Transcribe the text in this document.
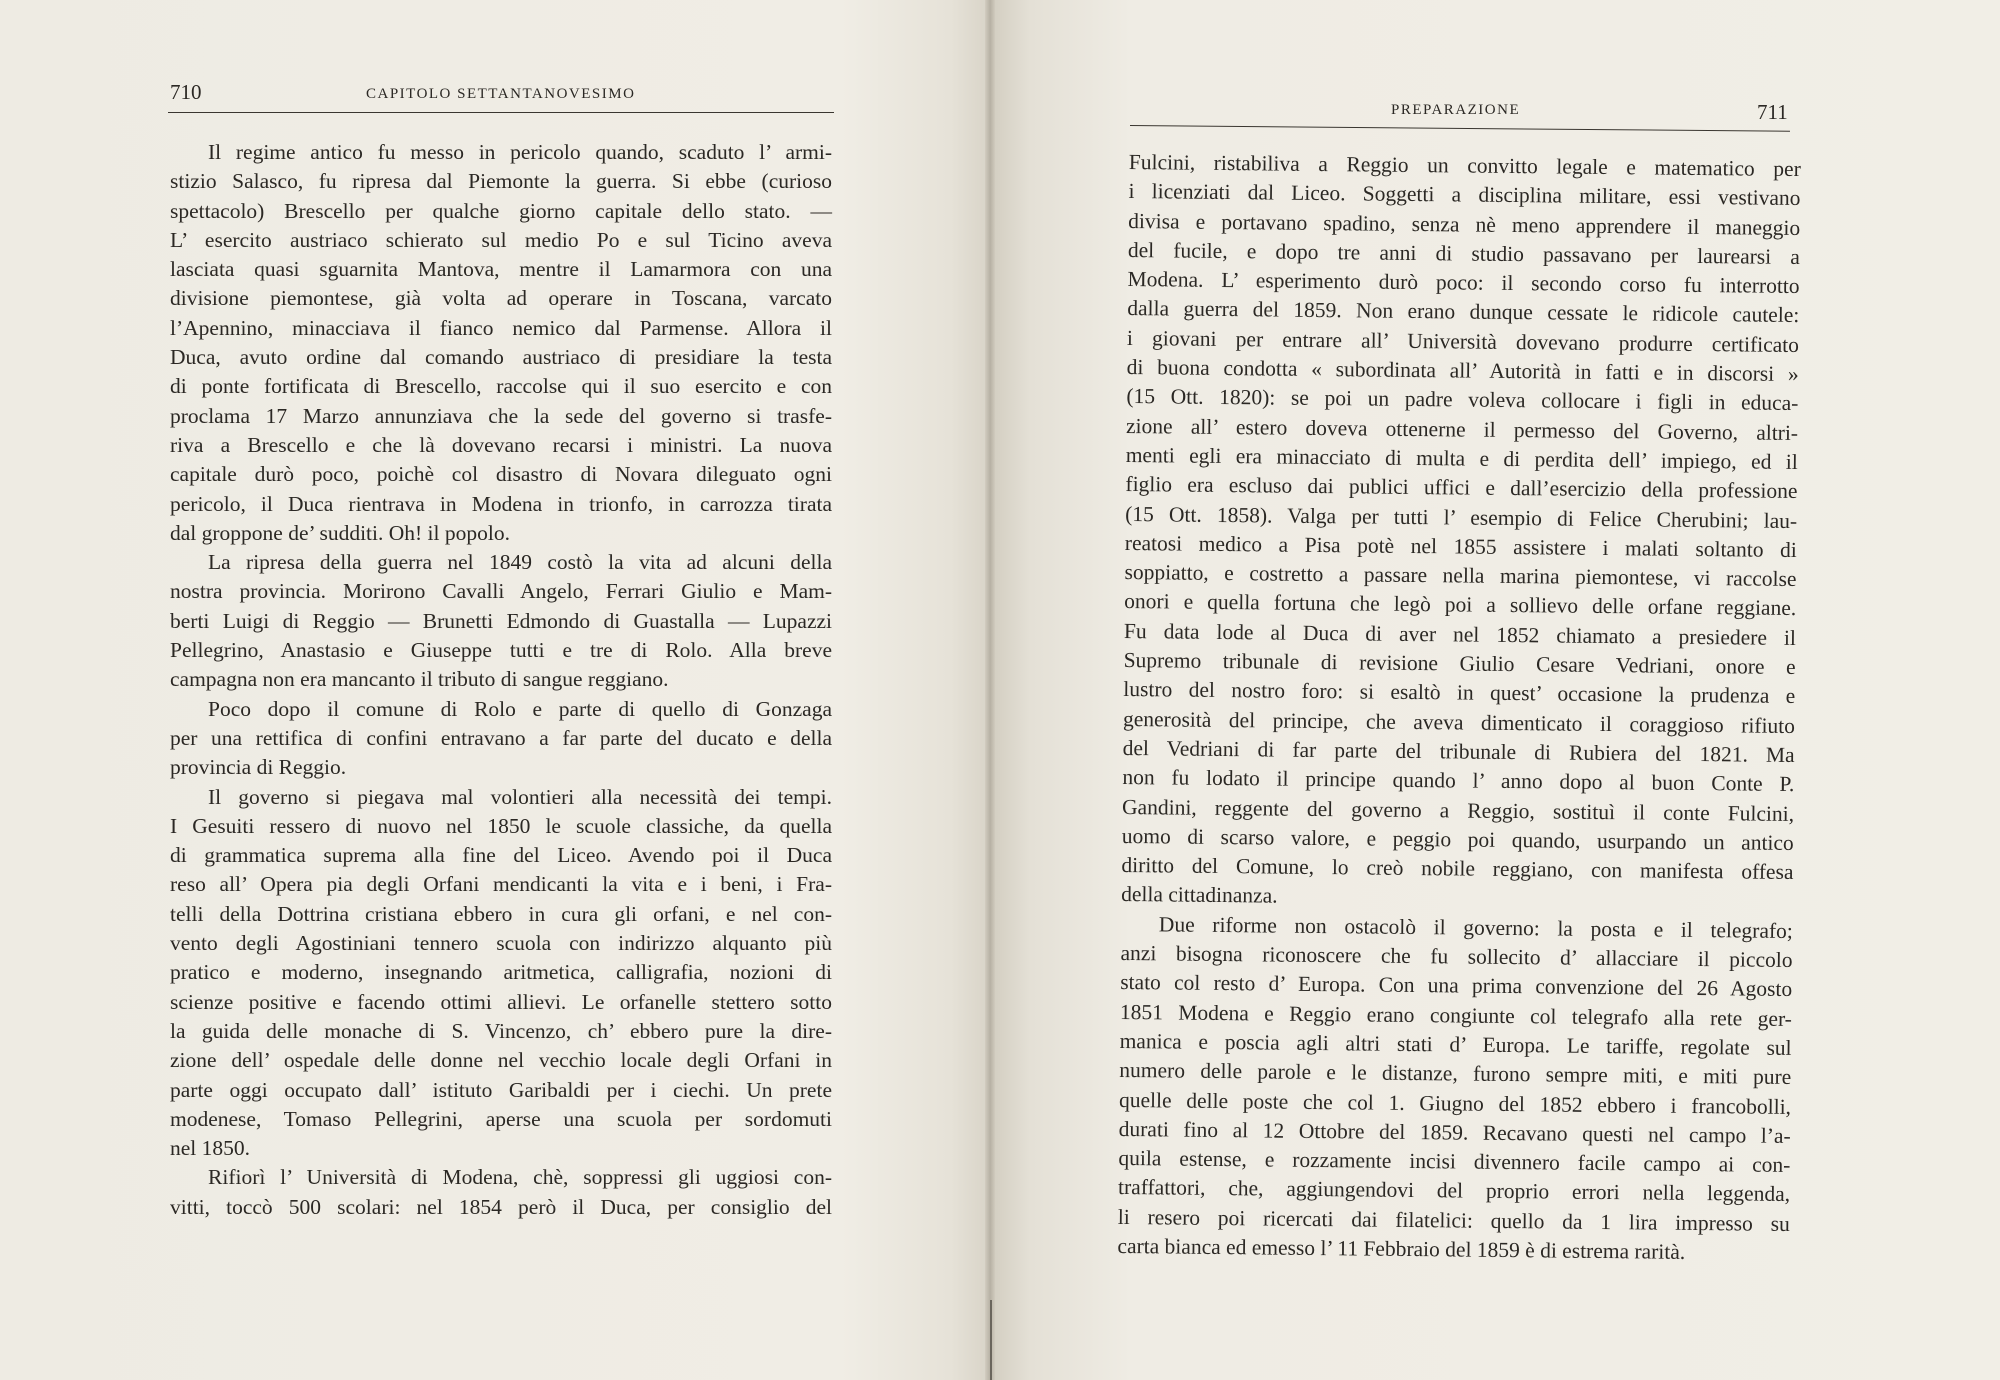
710	CAPITOLO SETTANTANOVESIMO

Il regime antico fu messo in pericolo quando, scaduto l’ armi-

stizio Salasco, fu ripresa dal Piemonte la guerra. Si ebbe (curioso

spettacolo) Brescello per qualche giorno capitale dello stato. —

L’ esercito austriaco schierato sul medio Po e sul Ticino aveva

lasciata quasi sguarnita Mantova, mentre il Lamarmora con una

divisione piemontese, già volta ad operare in Toscana, varcato

l’Apennino, minacciava il fianco nemico dal Parmense. Allora il

Duca, avuto ordine dal comando austriaco di presidiare la testa

di ponte fortificata di Brescello, raccolse qui il suo esercito e con

proclama 17 Marzo annunziava che la sede del governo si trasfe-

riva a Brescello e che là dovevano recarsi i ministri. La nuova

capitale durò poco, poichè col disastro di Novara dileguato ogni

pericolo, il Duca rientrava in Modena in trionfo, in carrozza tirata

dal groppone de’ sudditi. Oh! il popolo.

La ripresa della guerra nel 1849 costò la vita ad alcuni della

nostra provincia. Morirono Cavalli Angelo, Ferrari Giulio e Mam-

berti Luigi di Reggio — Brunetti Edmondo di Guastalla — Lupazzi

Pellegrino, Anastasio e Giuseppe tutti e tre di Rolo. Alla breve

campagna non era mancanto il tributo di sangue reggiano.

Poco dopo il comune di Rolo e parte di quello di Gonzaga

per una rettifica di confini entravano a far parte del ducato e della

provincia di Reggio.

Il governo si piegava mal volontieri alla necessità dei tempi.

I Gesuiti ressero di nuovo nel 1850 le scuole classiche, da quella

di grammatica suprema alla fine del Liceo. Avendo poi il Duca

reso all’ Opera pia degli Orfani mendicanti la vita e i beni, i Fra-

telli della Dottrina cristiana ebbero in cura gli orfani, e nel con-

vento degli Agostiniani tennero scuola con indirizzo alquanto più

pratico e moderno, insegnando aritmetica, calligrafia, nozioni di

scienze positive e facendo ottimi allievi. Le orfanelle stettero sotto

la guida delle monache di S. Vincenzo, ch’ ebbero pure la dire-

zione dell’ ospedale delle donne nel vecchio locale degli Orfani in

parte oggi occupato dall’ istituto Garibaldi per i ciechi. Un prete

modenese, Tomaso Pellegrini, aperse una scuola per sordomuti

nel 1850.

Rifiorì l’ Università di Modena, chè, soppressi gli uggiosi con-

vitti, toccò 500 scolari: nel 1854 però il Duca, per consiglio del

PREPARAZIONE	711

Fulcini, ristabiliva a Reggio un convitto legale e matematico per

i licenziati dal Liceo. Soggetti a disciplina militare, essi vestivano

divisa e portavano spadino, senza nè meno apprendere il maneggio

del fucile, e dopo tre anni di studio passavano per laurearsi a

Modena. L’ esperimento durò poco: il secondo corso fu interrotto

dalla guerra del 1859. Non erano dunque cessate le ridicole cautele:

i giovani per entrare all’ Università dovevano produrre certificato

di buona condotta « subordinata all’ Autorità in fatti e in discorsi »

(15 Ott. 1820): se poi un padre voleva collocare i figli in educa-

zione all’ estero doveva ottenerne il permesso del Governo, altri-

menti egli era minacciato di multa e di perdita dell’ impiego, ed il

figlio era escluso dai publici uffici e dall’esercizio della professione

(15 Ott. 1858). Valga per tutti l’ esempio di Felice Cherubini; lau-

reatosi medico a Pisa potè nel 1855 assistere i malati soltanto di

soppiatto, e costretto a passare nella marina piemontese, vi raccolse

onori e quella fortuna che legò poi a sollievo delle orfane reggiane.

Fu data lode al Duca di aver nel 1852 chiamato a presiedere il

Supremo tribunale di revisione Giulio Cesare Vedriani, onore e

lustro del nostro foro: si esaltò in quest’ occasione la prudenza e

generosità del principe, che aveva dimenticato il coraggioso rifiuto

del Vedriani di far parte del tribunale di Rubiera del 1821. Ma

non fu lodato il principe quando l’ anno dopo al buon Conte P.

Gandini, reggente del governo a Reggio, sostituì il conte Fulcini,

uomo di scarso valore, e peggio poi quando, usurpando un antico

diritto del Comune, lo creò nobile reggiano, con manifesta offesa

della cittadinanza.

Due riforme non ostacolò il governo: la posta e il telegrafo;

anzi bisogna riconoscere che fu sollecito d’ allacciare il piccolo

stato col resto d’ Europa. Con una prima convenzione del 26 Agosto

1851 Modena e Reggio erano congiunte col telegrafo alla rete ger-

manica e poscia agli altri stati d’ Europa. Le tariffe, regolate sul

numero delle parole e le distanze, furono sempre miti, e miti pure

quelle delle poste che col 1. Giugno del 1852 ebbero i francobolli,

durati fino al 12 Ottobre del 1859. Recavano questi nel campo l’a-

quila estense, e rozzamente incisi divennero facile campo ai con-

traffattori, che, aggiungendovi del proprio errori nella leggenda,

li resero poi ricercati dai filatelici: quello da 1 lira impresso su

carta bianca ed emesso l’ 11 Febbraio del 1859 è di estrema rarità.
